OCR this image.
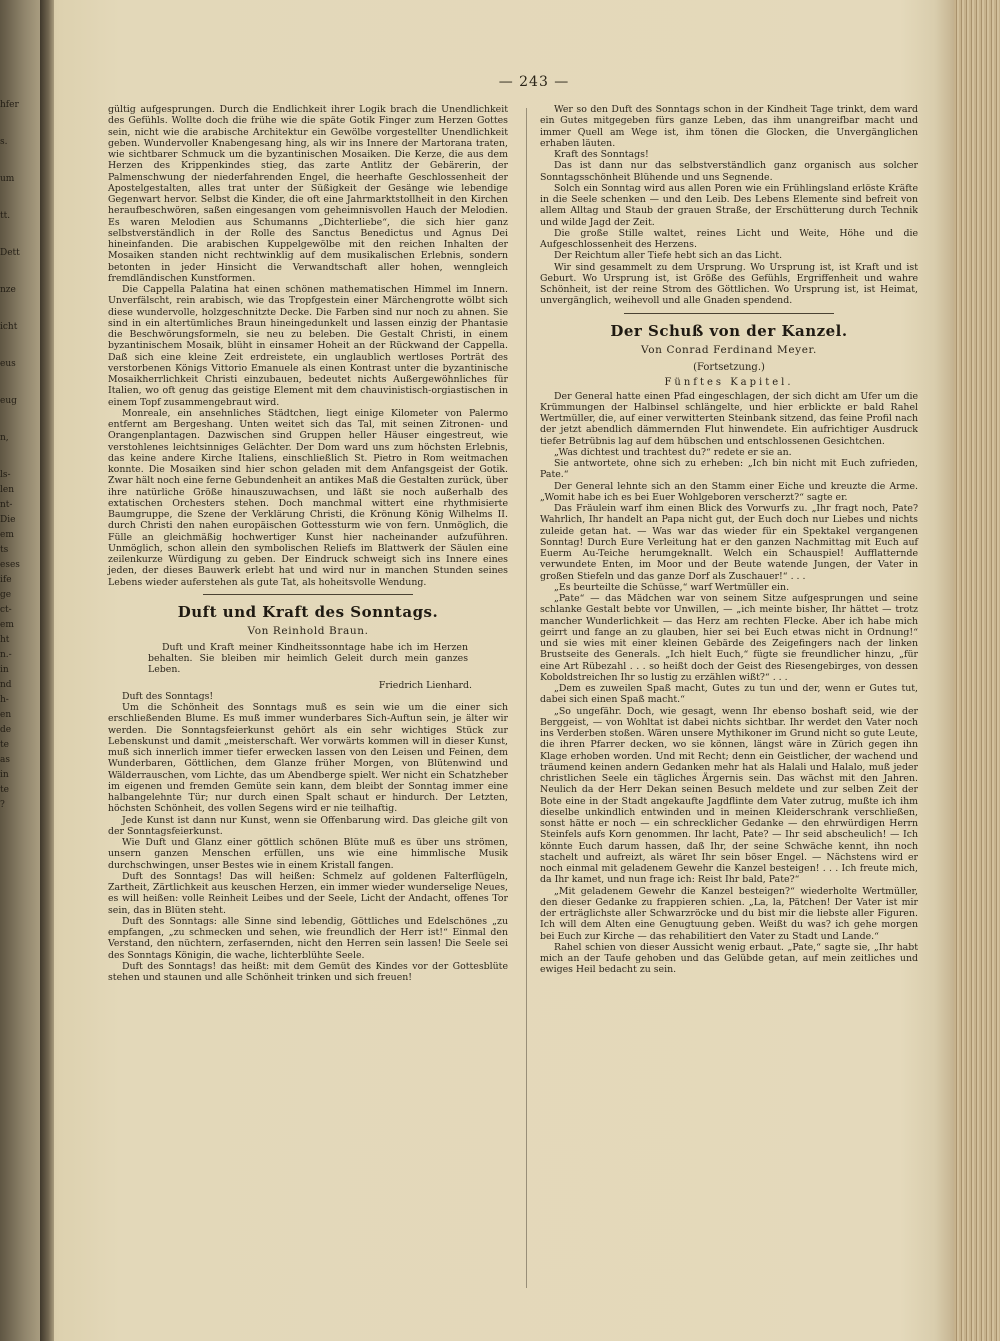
hfer
s.
um
tt.
Dett
nze
icht
eus
eug
n,
ls-
len
nt-
Die
em
ts
eses
ife
ge
ct-
em
ht
n.-
in
nd
h-
en
de
te
as
in
te
?
— 243 —

gültig aufgesprungen. Durch die Endlichkeit ihrer Logik brach die Unendlichkeit des Gefühls. Wollte doch die frühe wie die späte Gotik Finger zum Herzen Gottes sein, nicht wie die arabische Architektur ein Gewölbe vorgestellter Unendlichkeit geben. Wundervoller Knabengesang hing, als wir ins Innere der Martorana traten, wie sichtbarer Schmuck um die byzantinischen Mosaiken. Die Kerze, die aus dem Herzen des Krippenkindes stieg, das zarte Antlitz der Gebärerin, der Palmenschwung der niederfahrenden Engel, die heerhafte Geschlossenheit der Apostelgestalten, alles trat unter der Süßigkeit der Gesänge wie lebendige Gegenwart hervor. Selbst die Kinder, die oft eine Jahrmarktstollheit in den Kirchen heraufbeschwören, saßen eingesangen vom geheimnisvollen Hauch der Melodien. Es waren Melodien aus Schumanns „Dichterliebe“, die sich hier ganz selbstverständlich in der Rolle des Sanctus Benedictus und Agnus Dei hineinfanden. Die arabischen Kuppelgewölbe mit den reichen Inhalten der Mosaiken standen nicht rechtwinklig auf dem musikalischen Erlebnis, sondern betonten in jeder Hinsicht die Verwandtschaft aller hohen, wenngleich fremdländischen Kunstformen.

Die Cappella Palatina hat einen schönen mathematischen Himmel im Innern. Unverfälscht, rein arabisch, wie das Tropfgestein einer Märchengrotte wölbt sich diese wundervolle, holzgeschnitzte Decke. Die Farben sind nur noch zu ahnen. Sie sind in ein altertümliches Braun hineingedunkelt und lassen einzig der Phantasie die Beschwörungsformeln, sie neu zu beleben. Die Gestalt Christi, in einem byzantinischem Mosaik, blüht in einsamer Hoheit an der Rückwand der Cappella. Daß sich eine kleine Zeit erdreistete, ein unglaublich wertloses Porträt des verstorbenen Königs Vittorio Emanuele als einen Kontrast unter die byzantinische Mosaikherrlichkeit Christi einzubauen, bedeutet nichts Außergewöhnliches für Italien, wo oft genug das geistige Element mit dem chauvinistisch-orgiastischen in einem Topf zusammengebraut wird.

Monreale, ein ansehnliches Städtchen, liegt einige Kilometer von Palermo entfernt am Bergeshang. Unten weitet sich das Tal, mit seinen Zitronen- und Orangenplantagen. Dazwischen sind Gruppen heller Häuser eingestreut, wie verstohlenes leichtsinniges Gelächter. Der Dom ward uns zum höchsten Erlebnis, das keine andere Kirche Italiens, einschließlich St. Pietro in Rom weitmachen konnte. Die Mosaiken sind hier schon geladen mit dem Anfangsgeist der Gotik. Zwar hält noch eine ferne Gebundenheit an antikes Maß die Gestalten zurück, über ihre natürliche Größe hinauszuwachsen, und läßt sie noch außerhalb des extatischen Orchesters stehen. Doch manchmal wittert eine rhythmisierte Baumgruppe, die Szene der Verklärung Christi, die Krönung König Wilhelms II. durch Christi den nahen europäischen Gottessturm wie von fern. Unmöglich, die Fülle an gleichmäßig hochwertiger Kunst hier nacheinander aufzuführen. Unmöglich, schon allein den symbolischen Reliefs im Blattwerk der Säulen eine zeilenkurze Würdigung zu geben. Der Eindruck schweigt sich ins Innere eines jeden, der dieses Bauwerk erlebt hat und wird nur in manchen Stunden seines Lebens wieder auferstehen als gute Tat, als hoheitsvolle Wendung.

Duft und Kraft des Sonntags.
Von Reinhold Braun.

Duft und Kraft meiner Kindheitssonntage habe ich im Herzen behalten. Sie bleiben mir heimlich Geleit durch mein ganzes Leben.

Friedrich Lienhard.

Duft des Sonntags!

Um die Schönheit des Sonntags muß es sein wie um die einer sich erschließenden Blume. Es muß immer wunderbares Sich-Auftun sein, je älter wir werden. Die Sonntagsfeierkunst gehört als ein sehr wichtiges Stück zur Lebenskunst und damit „meisterschaft. Wer vorwärts kommen will in dieser Kunst, muß sich innerlich immer tiefer erwecken lassen von den Leisen und Feinen, dem Wunderbaren, Göttlichen, dem Glanze früher Morgen, von Blütenwind und Wälderrauschen, vom Lichte, das um Abendberge spielt. Wer nicht ein Schatzheber im eigenen und fremden Gemüte sein kann, dem bleibt der Sonntag immer eine halbangelehnte Tür; nur durch einen Spalt schaut er hindurch. Der Letzten, höchsten Schönheit, des vollen Segens wird er nie teilhaftig.

Jede Kunst ist dann nur Kunst, wenn sie Offenbarung wird. Das gleiche gilt von der Sonntagsfeierkunst.

Wie Duft und Glanz einer göttlich schönen Blüte muß es über uns strömen, unsern ganzen Menschen erfüllen, uns wie eine himmlische Musik durchschwingen, unser Bestes wie in einem Kristall fangen.

Duft des Sonntags! Das will heißen: Schmelz auf goldenen Falterflügeln, Zartheit, Zärtlichkeit aus keuschen Herzen, ein immer wieder wunderselige Neues, es will heißen: volle Reinheit Leibes und der Seele, Licht der Andacht, offenes Tor sein, das in Blüten steht.

Duft des Sonntags: alle Sinne sind lebendig, Göttliches und Edelschönes „zu empfangen, „zu schmecken und sehen, wie freundlich der Herr ist!“ Einmal den Verstand, den nüchtern, zerfasernden, nicht den Herren sein lassen! Die Seele sei des Sonntags Königin, die wache, lichterblühte Seele.

Duft des Sonntags! das heißt: mit dem Gemüt des Kindes vor der Gottesblüte stehen und staunen und alle Schönheit trinken und sich freuen!

Wer so den Duft des Sonntags schon in der Kindheit Tage trinkt, dem ward ein Gutes mitgegeben fürs ganze Leben, das ihm unangreifbar macht und immer Quell am Wege ist, ihm tönen die Glocken, die Unvergänglichen erhaben läuten.

Kraft des Sonntags!

Das ist dann nur das selbstverständlich ganz organisch aus solcher Sonntagsschönheit Blühende und uns Segnende.

Solch ein Sonntag wird aus allen Poren wie ein Frühlingsland erlöste Kräfte in die Seele schenken — und den Leib. Des Lebens Elemente sind befreit von allem Alltag und Staub der grauen Straße, der Erschütterung durch Technik und wilde Jagd der Zeit.

Die große Stille waltet, reines Licht und Weite, Höhe und die Aufgeschlossenheit des Herzens.

Der Reichtum aller Tiefe hebt sich an das Licht.

Wir sind gesammelt zu dem Ursprung. Wo Ursprung ist, ist Kraft und ist Geburt. Wo Ursprung ist, ist Größe des Gefühls, Ergriffenheit und wahre Schönheit, ist der reine Strom des Göttlichen. Wo Ursprung ist, ist Heimat, unvergänglich, weihevoll und alle Gnaden spendend.

Der Schuß von der Kanzel.
Von Conrad Ferdinand Meyer.
(Fortsetzung.)
Fünftes Kapitel.

Der General hatte einen Pfad eingeschlagen, der sich dicht am Ufer um die Krümmungen der Halbinsel schlängelte, und hier erblickte er bald Rahel Wertmüller, die, auf einer verwitterten Steinbank sitzend, das feine Profil nach der jetzt abendlich dämmernden Flut hinwendete. Ein aufrichtiger Ausdruck tiefer Betrübnis lag auf dem hübschen und entschlossenen Gesichtchen.

„Was dichtest und trachtest du?“ redete er sie an.

Sie antwortete, ohne sich zu erheben: „Ich bin nicht mit Euch zufrieden, Pate.“

Der General lehnte sich an den Stamm einer Eiche und kreuzte die Arme. „Womit habe ich es bei Euer Wohlgeboren verscherzt?“ sagte er.

Das Fräulein warf ihm einen Blick des Vorwurfs zu. „Ihr fragt noch, Pate? Wahrlich, Ihr handelt an Papa nicht gut, der Euch doch nur Liebes und nichts zuleide getan hat. — Was war das wieder für ein Spektakel vergangenen Sonntag! Durch Eure Verleitung hat er den ganzen Nachmittag mit Euch auf Euerm Au-Teiche herumgeknallt. Welch ein Schauspiel! Aufflatternde verwundete Enten, im Moor und der Beute watende Jungen, der Vater in großen Stiefeln und das ganze Dorf als Zuschauer!“ . . .

„Es beurteilte die Schüsse,“ warf Wertmüller ein.

„Pate“ — das Mädchen war von seinem Sitze aufgesprungen und seine schlanke Gestalt bebte vor Unwillen, — „ich meinte bisher, Ihr hättet — trotz mancher Wunderlichkeit — das Herz am rechten Flecke. Aber ich habe mich geirrt und fange an zu glauben, hier sei bei Euch etwas nicht in Ordnung!“ und sie wies mit einer kleinen Gebärde des Zeigefingers nach der linken Brustseite des Generals. „Ich hielt Euch,“ fügte sie freundlicher hinzu, „für eine Art Rübezahl . . . so heißt doch der Geist des Riesengebirges, von dessen Koboldstreichen Ihr so lustig zu erzählen wißt?“ . . .

„Dem es zuweilen Spaß macht, Gutes zu tun und der, wenn er Gutes tut, dabei sich einen Spaß macht.“

„So ungefähr. Doch, wie gesagt, wenn Ihr ebenso boshaft seid, wie der Berggeist, — von Wohltat ist dabei nichts sichtbar. Ihr werdet den Vater noch ins Verderben stoßen. Wären unsere Mythikoner im Grund nicht so gute Leute, die ihren Pfarrer decken, wo sie können, längst wäre in Zürich gegen ihn Klage erhoben worden. Und mit Recht; denn ein Geistlicher, der wachend und träumend keinen andern Gedanken mehr hat als Halali und Halalo, muß jeder christlichen Seele ein tägliches Ärgernis sein. Das wächst mit den Jahren. Neulich da der Herr Dekan seinen Besuch meldete und zur selben Zeit der Bote eine in der Stadt angekaufte Jagdflinte dem Vater zutrug, mußte ich ihm dieselbe unkindlich entwinden und in meinen Kleiderschrank verschließen, sonst hätte er noch — ein schrecklicher Gedanke — den ehrwürdigen Herrn Steinfels aufs Korn genommen. Ihr lacht, Pate? — Ihr seid abscheulich! — Ich könnte Euch darum hassen, daß Ihr, der seine Schwäche kennt, ihn noch stachelt und aufreizt, als wäret Ihr sein böser Engel. — Nächstens wird er noch einmal mit geladenem Gewehr die Kanzel besteigen! . . . Ich freute mich, da Ihr kamet, und nun frage ich: Reist Ihr bald, Pate?“

„Mit geladenem Gewehr die Kanzel besteigen?“ wiederholte Wertmüller, den dieser Gedanke zu frappieren schien. „La, la, Pätchen! Der Vater ist mir der erträglichste aller Schwarzröcke und du bist mir die liebste aller Figuren. Ich will dem Alten eine Genugtuung geben. Weißt du was? ich gehe morgen bei Euch zur Kirche — das rehabilitiert den Vater zu Stadt und Lande.“

Rahel schien von dieser Aussicht wenig erbaut. „Pate,“ sagte sie, „Ihr habt mich an der Taufe gehoben und das Gelübde getan, auf mein zeitliches und ewiges Heil bedacht zu sein.
